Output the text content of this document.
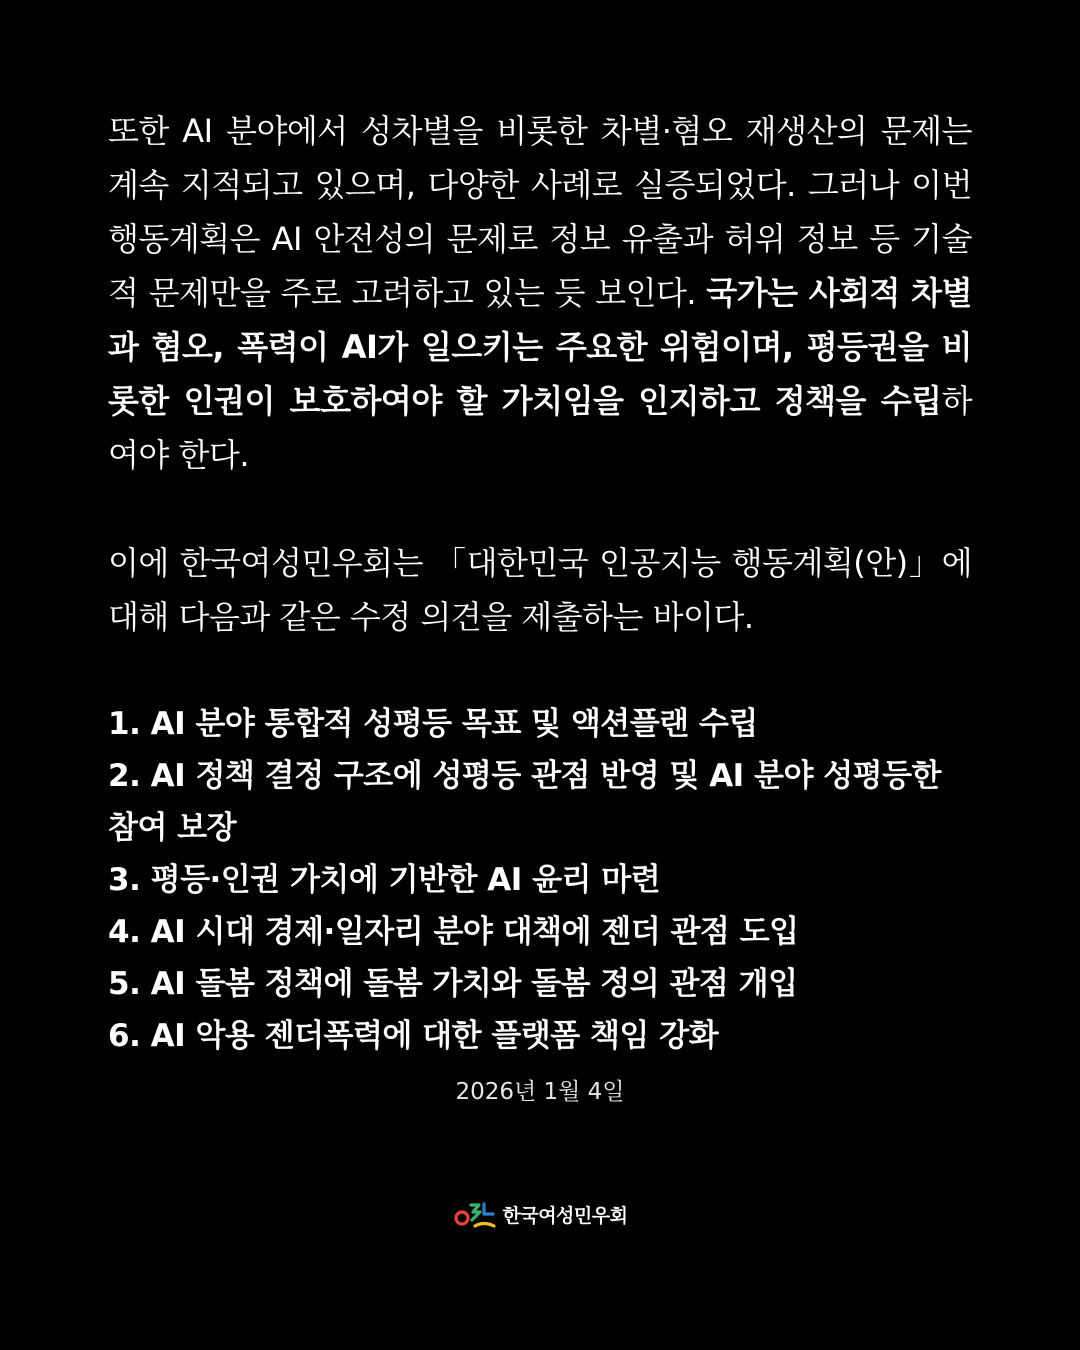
또한 AI 분야에서 성차별을 비롯한 차별·혐오 재생산의 문제는 계속 지적되고 있으며, 다양한 사례로 실증되었다. 그러나 이번 행동계획은 AI 안전성의 문제로 정보 유출과 허위 정보 등 기술적 문제만을 주로 고려하고 있는 듯 보인다. 국가는 사회적 차별과 혐오, 폭력이 AI가 일으키는 주요한 위험이며, 평등권을 비롯한 인권이 보호하여야 할 가치임을 인지하고 정책을 수립하여야 한다.

이에 한국여성민우회는 「대한민국 인공지능 행동계획(안)」에 대해 다음과 같은 수정 의견을 제출하는 바이다.

1. AI 분야 통합적 성평등 목표 및 액션플랜 수립
2. AI 정책 결정 구조에 성평등 관점 반영 및 AI 분야 성평등한 참여 보장
3. 평등·인권 가치에 기반한 AI 윤리 마련
4. AI 시대 경제·일자리 분야 대책에 젠더 관점 도입
5. AI 돌봄 정책에 돌봄 가치와 돌봄 정의 관점 개입
6. AI 악용 젠더폭력에 대한 플랫폼 책임 강화
2026년 1월 4일
한국여성민우회
